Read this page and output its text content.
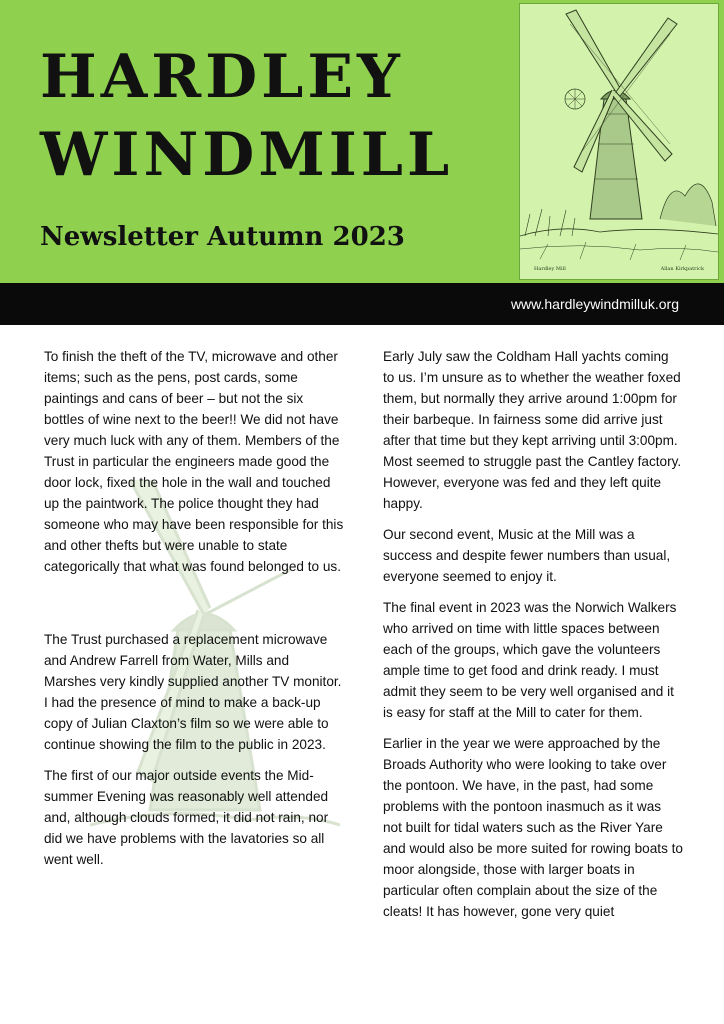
HARDLEY
WINDMILL
Newsletter Autumn 2023
Hardley Mill	Allan Kirkpatrick
www.hardleywindmilluk.org

To finish the theft of the TV, microwave and other items; such as the pens, post cards, some paintings and cans of beer – but not the six bottles of wine next to the beer!! We did not have very much luck with any of them. Members of the Trust in particular the engineers made good the door lock, fixed the hole in the wall and touched up the paintwork. The police thought they had someone who may have been responsible for this and other thefts but were unable to state categorically that what was found belonged to us.

The Trust purchased a replacement microwave and Andrew Farrell from Water, Mills and Marshes very kindly supplied another TV monitor. I had the presence of mind to make a back-up copy of Julian Claxton’s film so we were able to continue showing the film to the public in 2023.

The first of our major outside events the Mid-summer Evening was reasonably well attended and, although clouds formed, it did not rain, nor did we have problems with the lavatories so all went well.

Early July saw the Coldham Hall yachts coming to us. I’m unsure as to whether the weather foxed them, but normally they arrive around 1:00pm for their barbeque. In fairness some did arrive just after that time but they kept arriving until 3:00pm. Most seemed to struggle past the Cantley factory. However, everyone was fed and they left quite happy.

Our second event, Music at the Mill was a success and despite fewer numbers than usual, everyone seemed to enjoy it.

The final event in 2023 was the Norwich Walkers who arrived on time with little spaces between each of the groups, which gave the volunteers ample time to get food and drink ready. I must admit they seem to be very well organised and it is easy for staff at the Mill to cater for them.

Earlier in the year we were approached by the Broads Authority who were looking to take over the pontoon. We have, in the past, had some problems with the pontoon inasmuch as it was not built for tidal waters such as the River Yare and would also be more suited for rowing boats to moor alongside, those with larger boats in particular often complain about the size of the cleats! It has however, gone very quiet
